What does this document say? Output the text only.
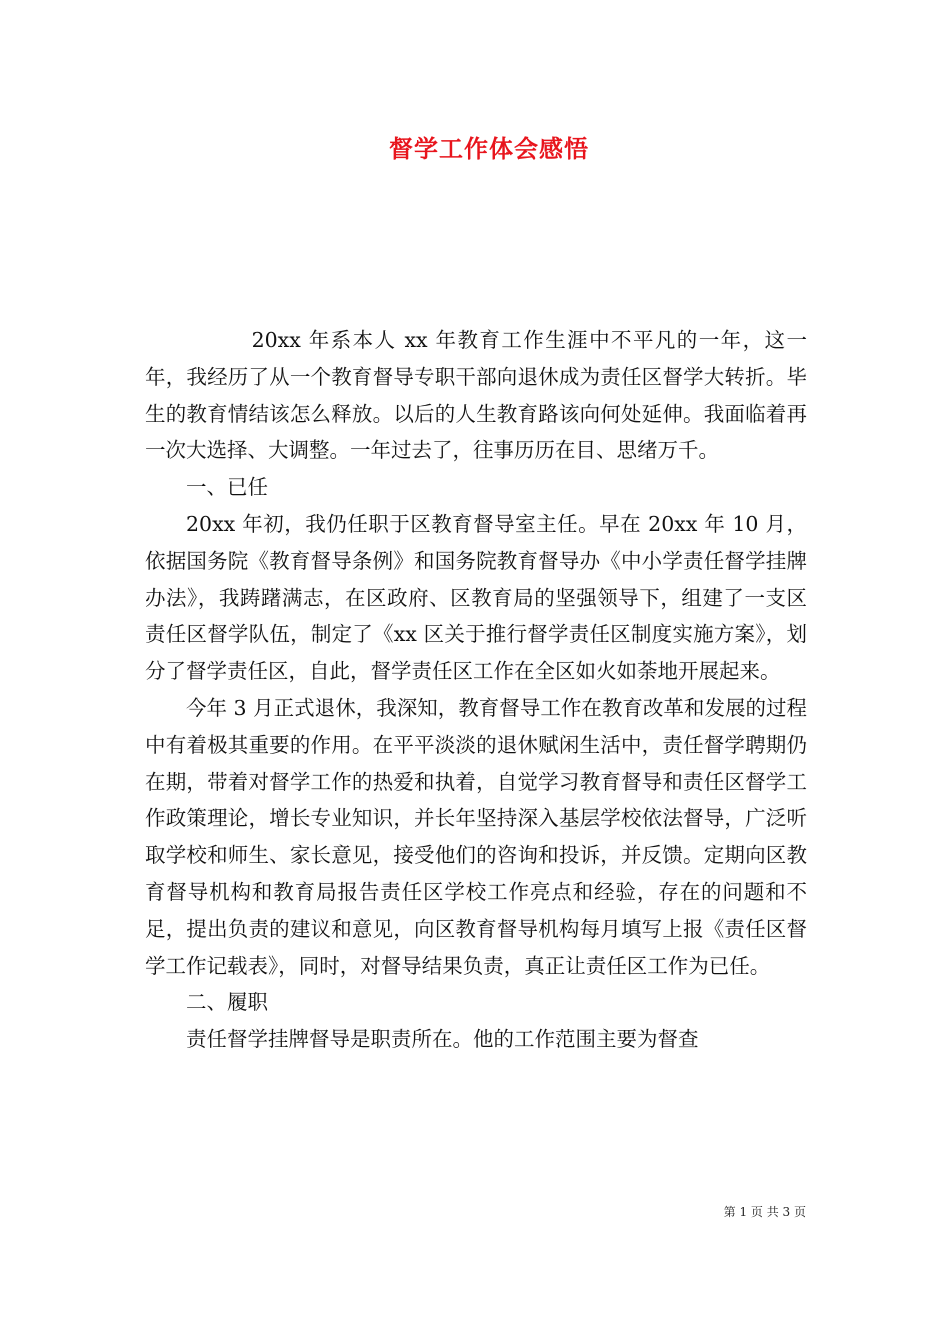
督学工作体会感悟

20xx 年系本人 xx 年教育工作生涯中不平凡的一年，这一年，我经历了从一个教育督导专职干部向退休成为责任区督学大转折。毕生的教育情结该怎么释放。以后的人生教育路该向何处延伸。我面临着再一次大选择、大调整。一年过去了，往事历历在目、思绪万千。

一、已任

20xx 年初，我仍任职于区教育督导室主任。早在 20xx 年 10 月，依据国务院《教育督导条例》和国务院教育督导办《中小学责任督学挂牌办法》，我踌躇满志，在区政府、区教育局的坚强领导下，组建了一支区责任区督学队伍，制定了《xx 区关于推行督学责任区制度实施方案》，划分了督学责任区，自此，督学责任区工作在全区如火如荼地开展起来。

今年 3 月正式退休，我深知，教育督导工作在教育改革和发展的过程中有着极其重要的作用。在平平淡淡的退休赋闲生活中，责任督学聘期仍在期，带着对督学工作的热爱和执着，自觉学习教育督导和责任区督学工作政策理论，增长专业知识，并长年坚持深入基层学校依法督导，广泛听取学校和师生、家长意见，接受他们的咨询和投诉，并反馈。定期向区教育督导机构和教育局报告责任区学校工作亮点和经验，存在的问题和不足，提出负责的建议和意见，向区教育督导机构每月填写上报《责任区督学工作记载表》，同时，对督导结果负责，真正让责任区工作为已任。

二、履职

责任督学挂牌督导是职责所在。他的工作范围主要为督查

第 1 页 共 3 页
